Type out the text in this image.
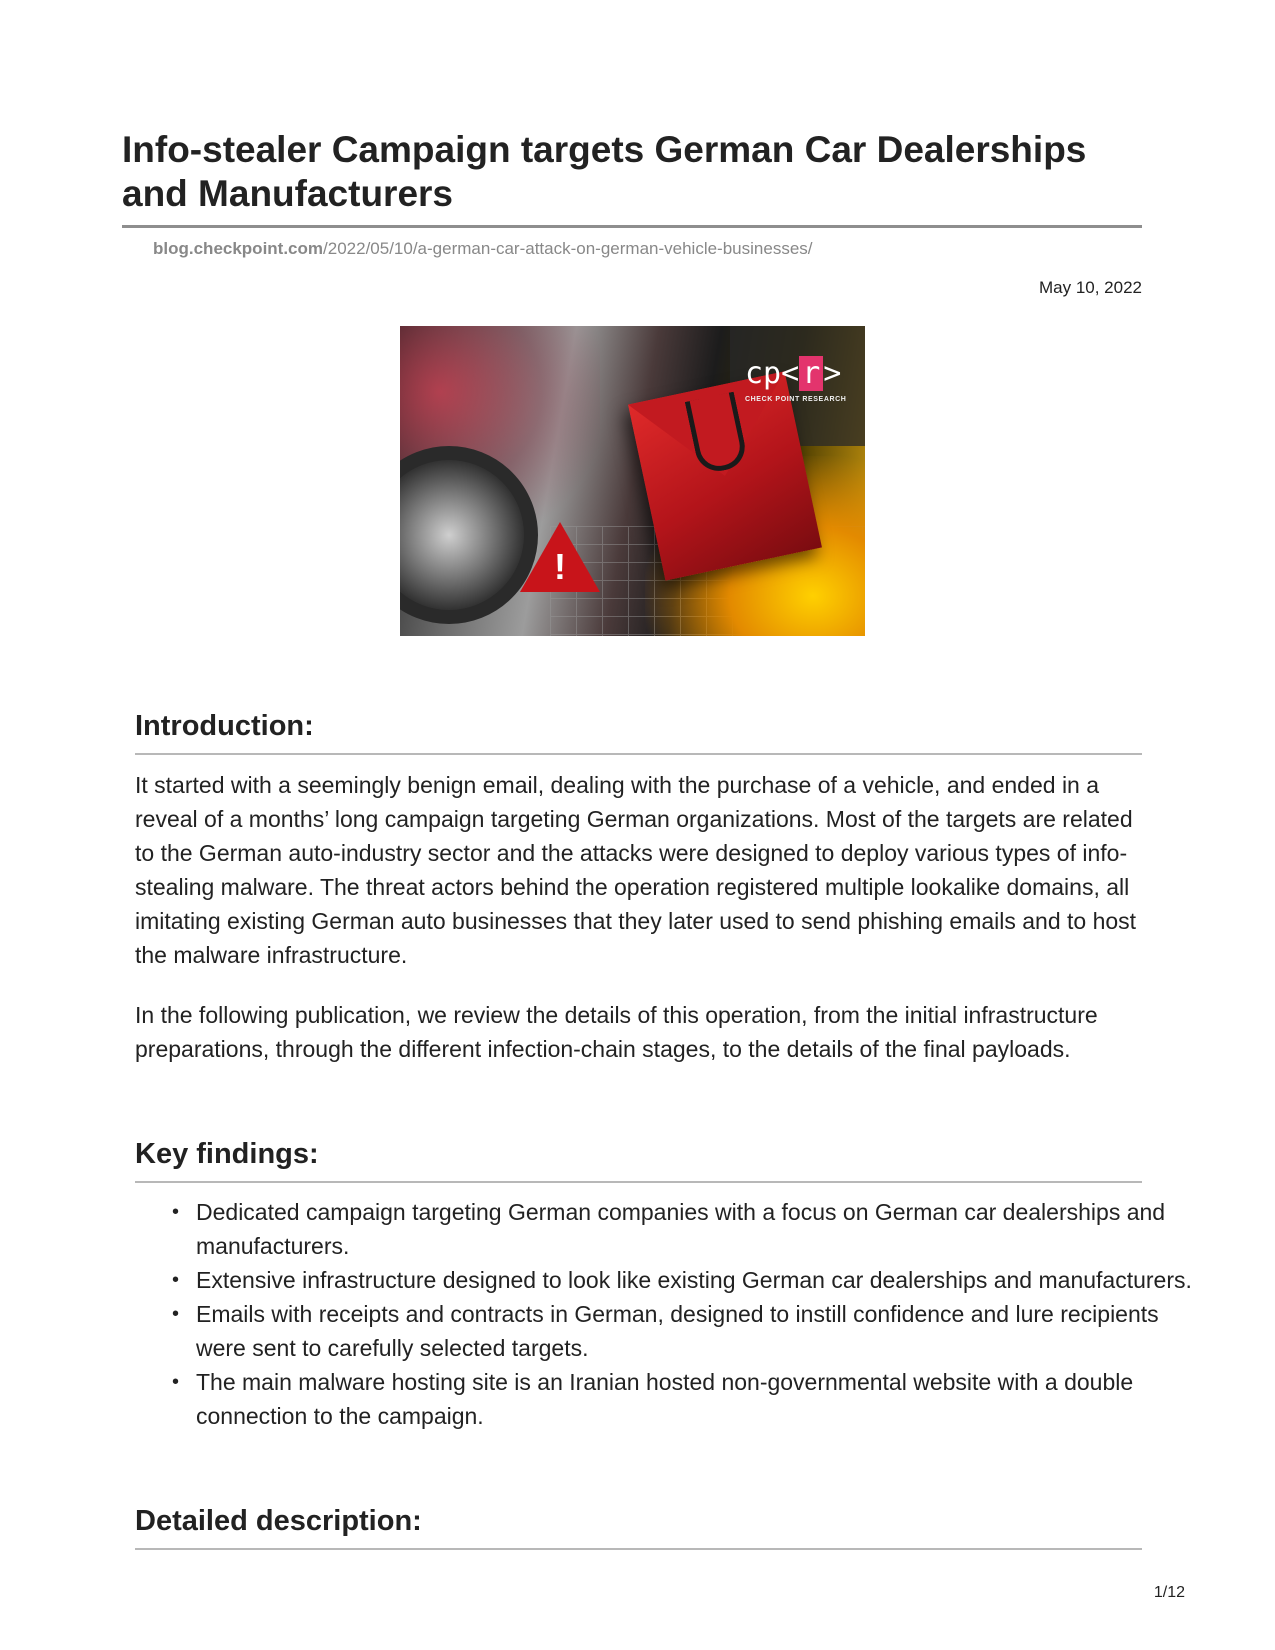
Info-stealer Campaign targets German Car Dealerships and Manufacturers
blog.checkpoint.com/2022/05/10/a-german-car-attack-on-german-vehicle-businesses/
May 10, 2022
!
cp< r >
CHECK POINT RESEARCH
Introduction:

It started with a seemingly benign email, dealing with the purchase of a vehicle, and ended in a reveal of a months’ long campaign targeting German organizations. Most of the targets are related to the German auto-industry sector and the attacks were designed to deploy various types of info-stealing malware. The threat actors behind the operation registered multiple lookalike domains, all imitating existing German auto businesses that they later used to send phishing emails and to host the malware infrastructure.

In the following publication, we review the details of this operation, from the initial infrastructure preparations, through the different infection-chain stages, to the details of the final payloads.

Key findings:
• Dedicated campaign targeting German companies with a focus on German car dealerships and manufacturers.
• Extensive infrastructure designed to look like existing German car dealerships and manufacturers.
• Emails with receipts and contracts in German, designed to instill confidence and lure recipients were sent to carefully selected targets.
• The main malware hosting site is an Iranian hosted non-governmental website with a double connection to the campaign.
Detailed description:
1/12
